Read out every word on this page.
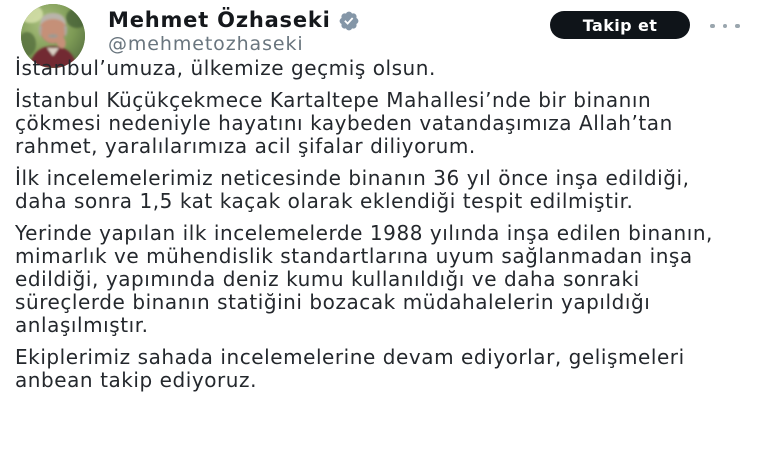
Mehmet Özhaseki
@mehmetozhaseki
Takip et

İstanbul’umuza, ülkemize geçmiş olsun.

İstanbul Küçükçekmece Kartaltepe Mahallesi’nde bir binanın çökmesi nedeniyle hayatını kaybeden vatandaşımıza Allah’tan rahmet, yaralılarımıza acil şifalar diliyorum.

İlk incelemelerimiz neticesinde binanın 36 yıl önce inşa edildiği, daha sonra 1,5 kat kaçak olarak eklendiği tespit edilmiştir.

Yerinde yapılan ilk incelemelerde 1988 yılında inşa edilen binanın, mimarlık ve mühendislik standartlarına uyum sağlanmadan inşa edildiği, yapımında deniz kumu kullanıldığı ve daha sonraki süreçlerde binanın statiğini bozacak müdahalelerin yapıldığı anlaşılmıştır.

Ekiplerimiz sahada incelemelerine devam ediyorlar, gelişmeleri anbean takip ediyoruz.
